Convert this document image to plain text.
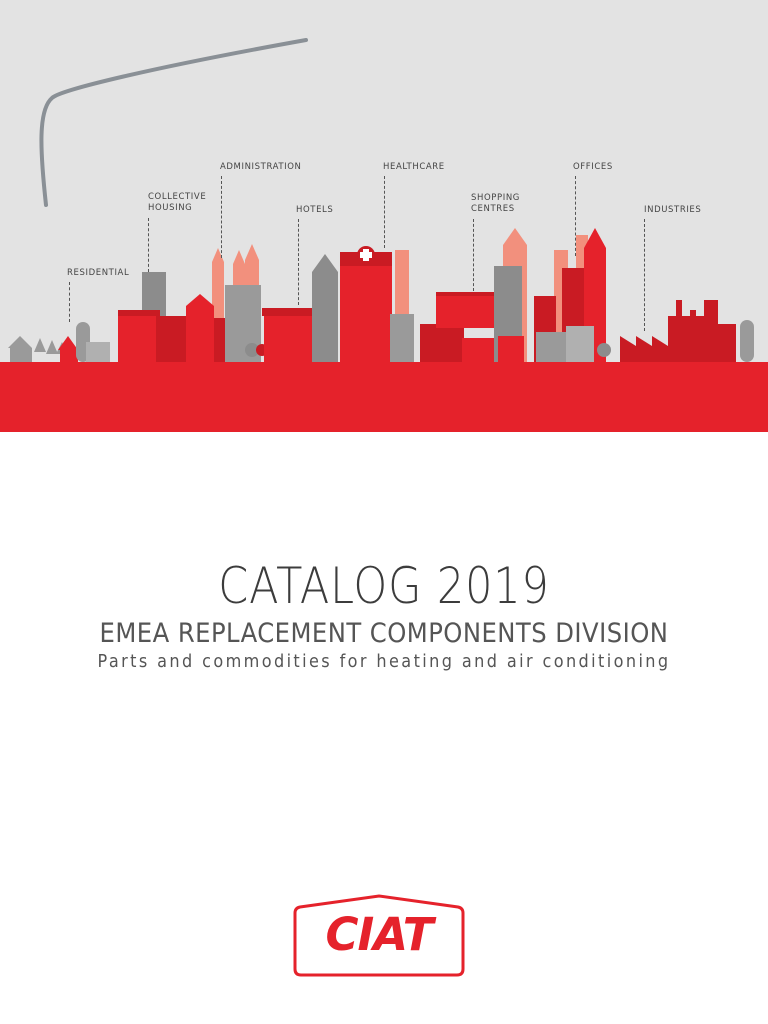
RESIDENTIAL
COLLECTIVE
HOUSING
ADMINISTRATION
HOTELS
HEALTHCARE
SHOPPING
CENTRES
OFFICES
INDUSTRIES
CATALOG 2019
EMEA REPLACEMENT COMPONENTS DIVISION
Parts and commodities for heating and air conditioning
CIAT
